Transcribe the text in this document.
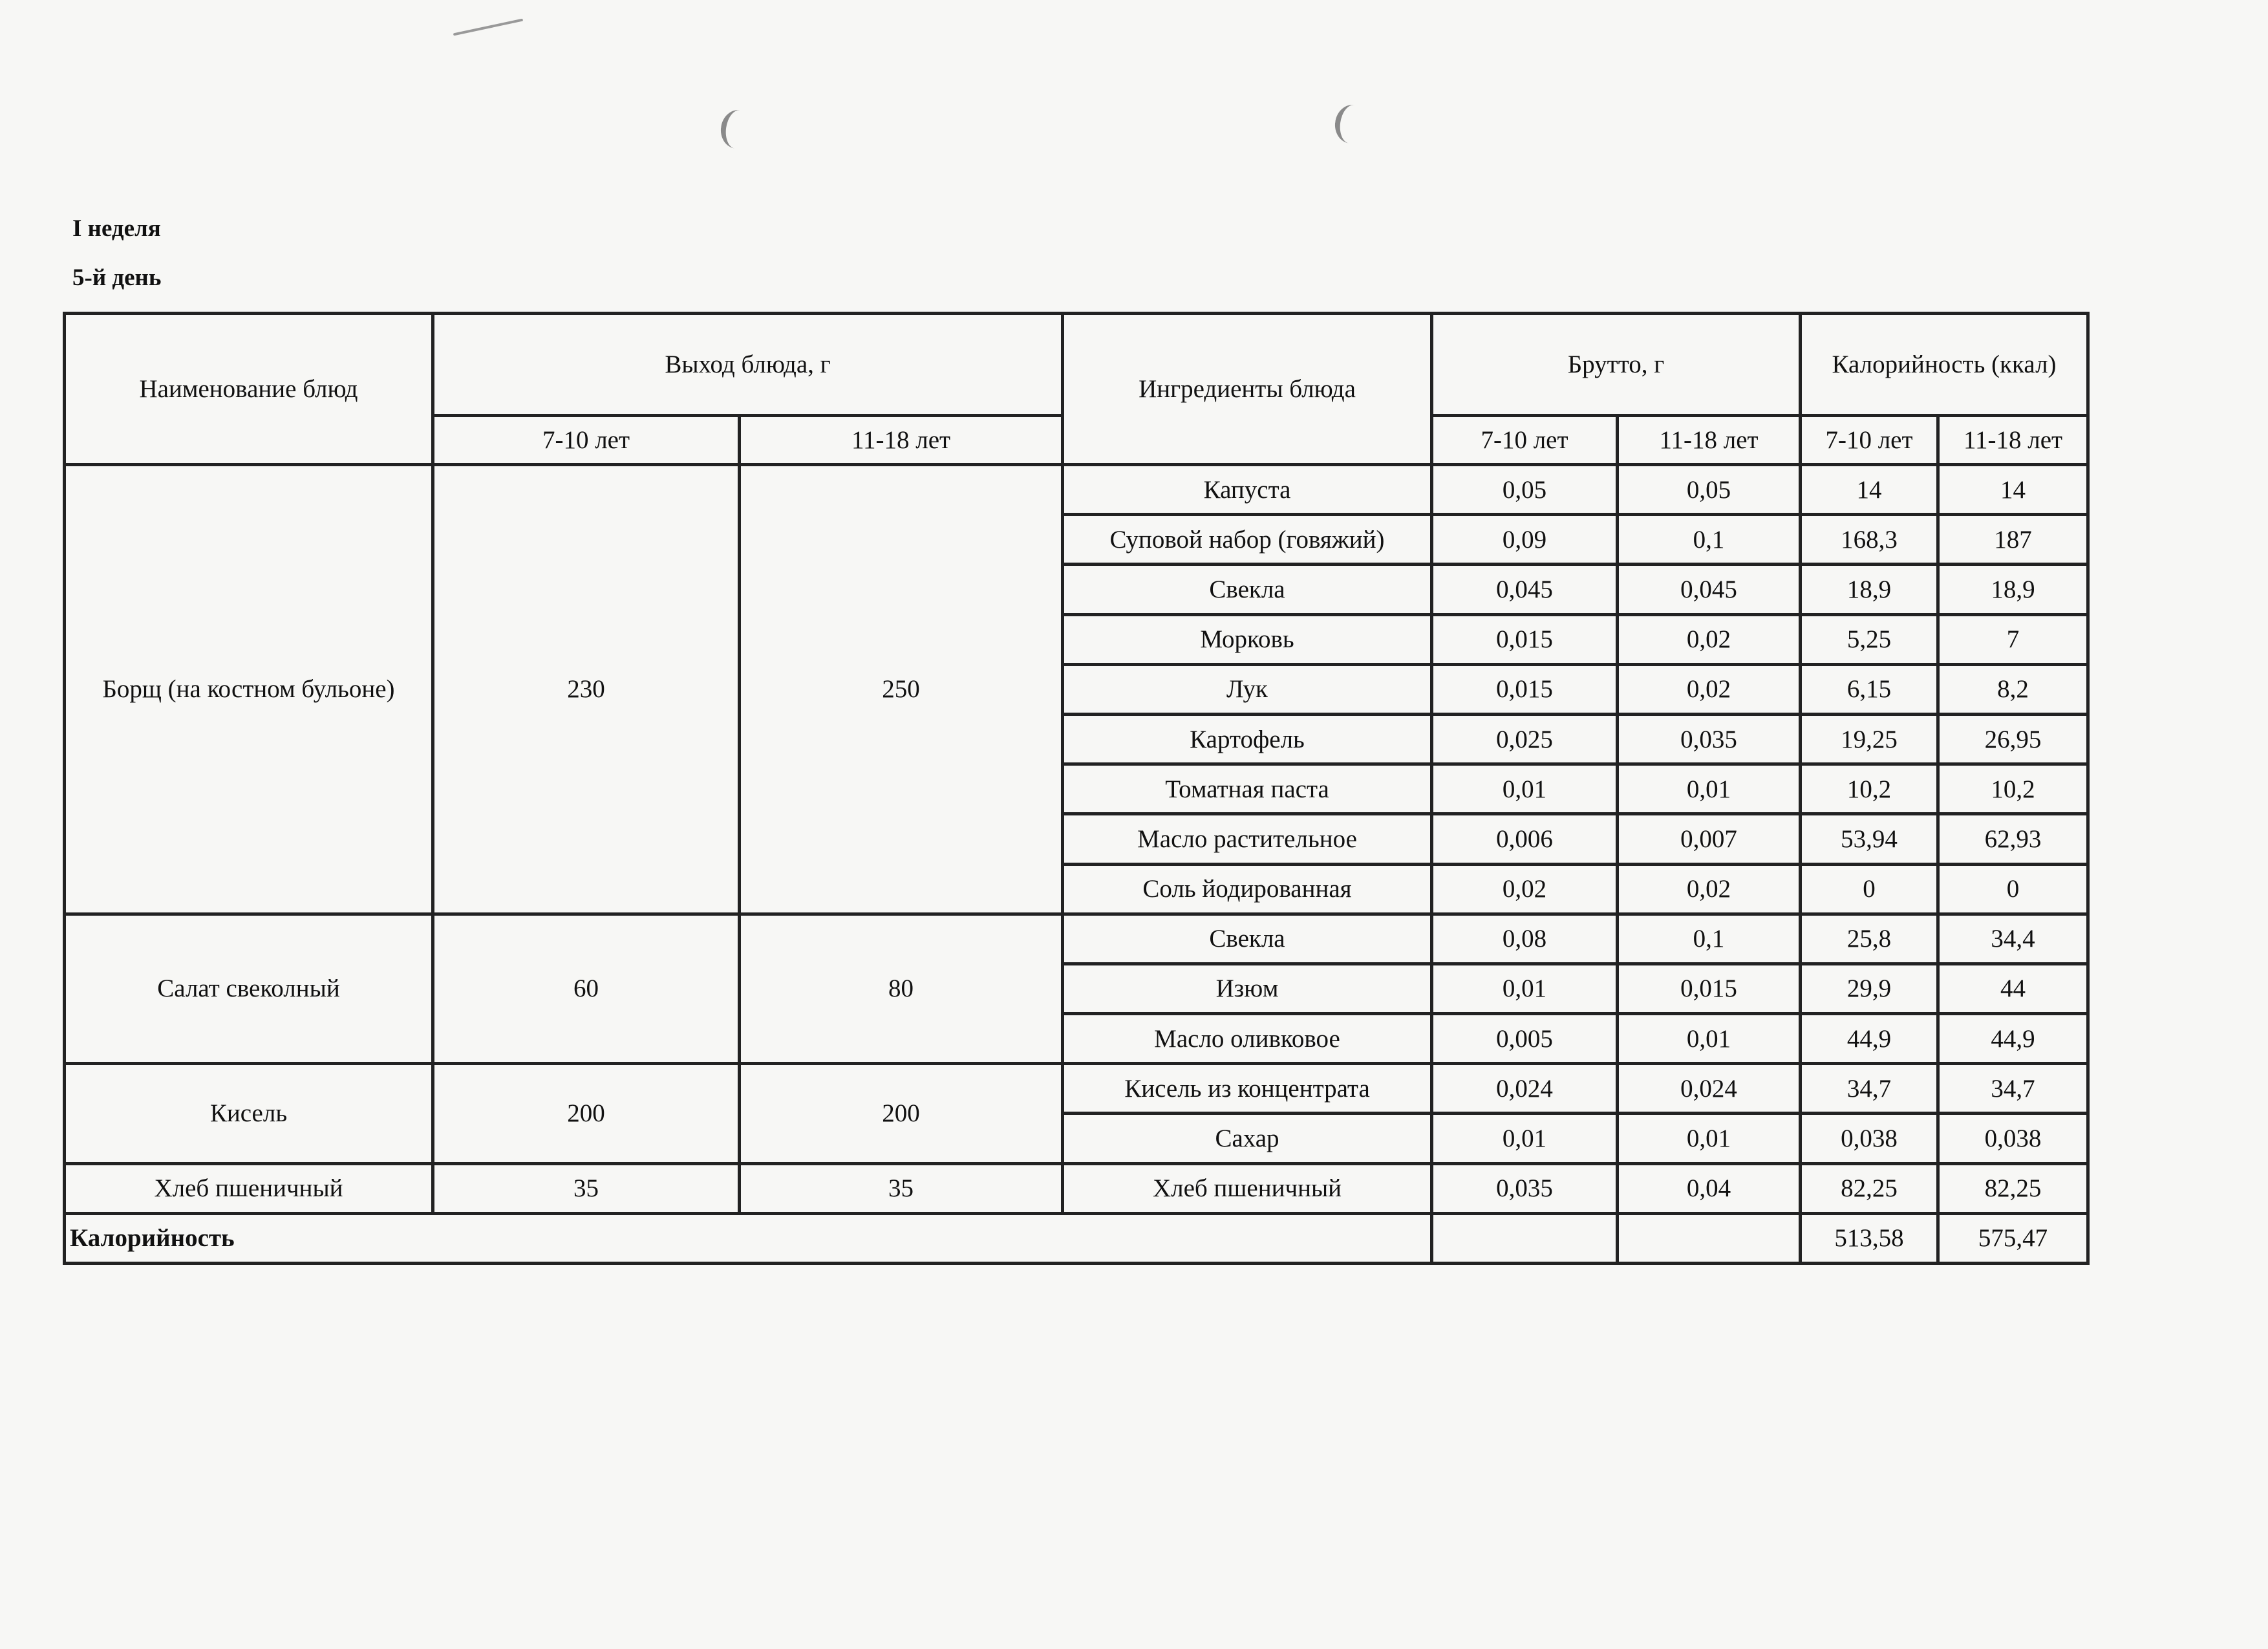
I неделя
5-й день
Наименование блюд	Выход блюда, г		Ингредиенты блюда	Брутто, г		Калорийность (ккал)	
	7-10 лет	11-18 лет		7-10 лет	11-18 лет	7-10 лет	11-18 лет
Борщ (на костном бульоне)	230	250	Капуста	0,05	0,05	14	14
			Суповой набор (говяжий)	0,09	0,1	168,3	187
			Свекла	0,045	0,045	18,9	18,9
			Морковь	0,015	0,02	5,25	7
			Лук	0,015	0,02	6,15	8,2
			Картофель	0,025	0,035	19,25	26,95
			Томатная паста	0,01	0,01	10,2	10,2
			Масло растительное	0,006	0,007	53,94	62,93
			Соль йодированная	0,02	0,02	0	0
Салат свеколный	60	80	Свекла	0,08	0,1	25,8	34,4
			Изюм	0,01	0,015	29,9	44
			Масло оливковое	0,005	0,01	44,9	44,9
Кисель	200	200	Кисель из концентрата	0,024	0,024	34,7	34,7
			Сахар	0,01	0,01	0,038	0,038
Хлеб пшеничный	35	35	Хлеб пшеничный	0,035	0,04	82,25	82,25
Калорийность						513,58	575,47
